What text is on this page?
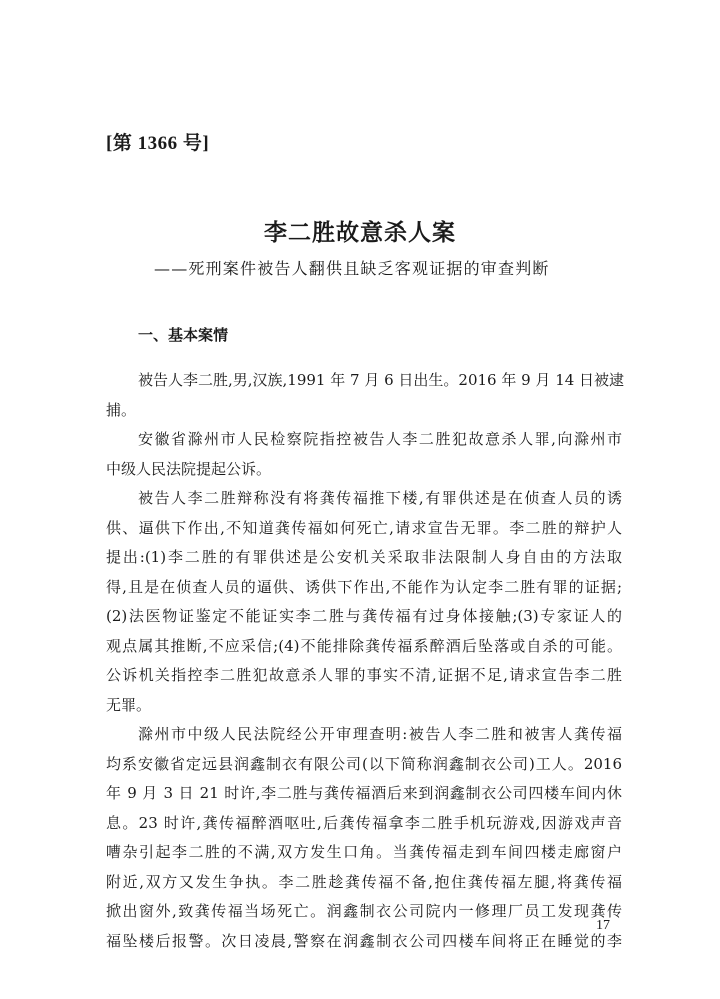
[第 1366 号]
李二胜故意杀人案
——死刑案件被告人翻供且缺乏客观证据的审查判断
一、基本案情
被告人李二胜,男,汉族,1991 年 7 月 6 日出生。2016 年 9 月 14 日被逮
捕。
安徽省滁州市人民检察院指控被告人李二胜犯故意杀人罪,向滁州市
中级人民法院提起公诉。
被告人李二胜辩称没有将龚传福推下楼,有罪供述是在侦查人员的诱
供、逼供下作出,不知道龚传福如何死亡,请求宣告无罪。李二胜的辩护人
提出:(1)李二胜的有罪供述是公安机关采取非法限制人身自由的方法取
得,且是在侦查人员的逼供、诱供下作出,不能作为认定李二胜有罪的证据;
(2)法医物证鉴定不能证实李二胜与龚传福有过身体接触;(3)专家证人的
观点属其推断,不应采信;(4)不能排除龚传福系醉酒后坠落或自杀的可能。
公诉机关指控李二胜犯故意杀人罪的事实不清,证据不足,请求宣告李二胜
无罪。
滁州市中级人民法院经公开审理查明:被告人李二胜和被害人龚传福
均系安徽省定远县润鑫制衣有限公司(以下简称润鑫制衣公司)工人。2016
年 9 月 3 日 21 时许,李二胜与龚传福酒后来到润鑫制衣公司四楼车间内休
息。23 时许,龚传福醉酒呕吐,后龚传福拿李二胜手机玩游戏,因游戏声音
嘈杂引起李二胜的不满,双方发生口角。当龚传福走到车间四楼走廊窗户
附近,双方又发生争执。李二胜趁龚传福不备,抱住龚传福左腿,将龚传福
掀出窗外,致龚传福当场死亡。润鑫制衣公司院内一修理厂员工发现龚传
福坠楼后报警。次日凌晨,警察在润鑫制衣公司四楼车间将正在睡觉的李
17
